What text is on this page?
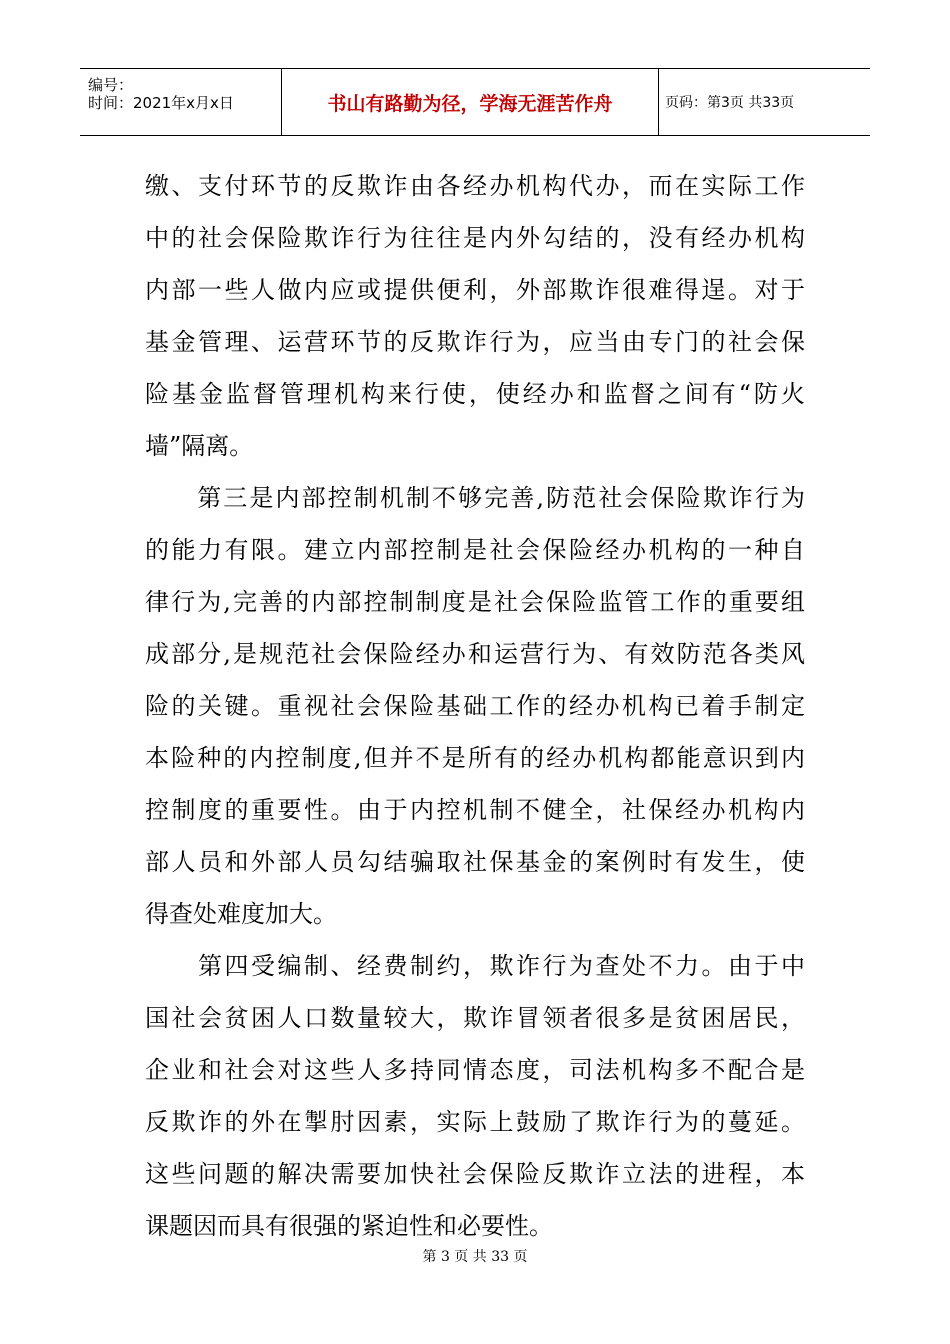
编号：
时间：2021年x月x日	书山有路勤为径，学海无涯苦作舟	页码：第3页 共33页
缴 、 支 付 环 节 的 反 欺 诈 由 各 经 办 机 构 代 办 ， 而 在 实 际 工 作
中 的 社 会 保 险 欺 诈 行 为 往 往 是 内 外 勾 结 的 ， 没 有 经 办 机 构
内 部 一 些 人 做 内 应 或 提 供 便 利 ， 外 部 欺 诈 很 难 得 逞 。 对 于
基 金 管 理 、 运 营 环 节 的 反 欺 诈 行 为 ， 应 当 由 专 门 的 社 会 保
险 基 金 监 督 管 理 机 构 来 行 使 ， 使 经 办 和 监 督 之 间 有 “ 防 火
墙”隔离。

第 三 是 内 部 控 制 机 制 不 够 完 善 , 防 范 社 会 保 险 欺 诈 行 为
的 能 力 有 限 。 建 立 内 部 控 制 是 社 会 保 险 经 办 机 构 的 一 种 自
律 行 为 , 完 善 的 内 部 控 制 制 度 是 社 会 保 险 监 管 工 作 的 重 要 组
成 部 分 , 是 规 范 社 会 保 险 经 办 和 运 营 行 为 、 有 效 防 范 各 类 风
险 的 关 键 。 重 视 社 会 保 险 基 础 工 作 的 经 办 机 构 已 着 手 制 定
本 险 种 的 内 控 制 度 , 但 并 不 是 所 有 的 经 办 机 构 都 能 意 识 到 内
控 制 度 的 重 要 性 。 由 于 内 控 机 制 不 健 全 ， 社 保 经 办 机 构 内
部 人 员 和 外 部 人 员 勾 结 骗 取 社 保 基 金 的 案 例 时 有 发 生 ， 使
得查处难度加大。

第 四 受 编 制 、 经 费 制 约 ， 欺 诈 行 为 查 处 不 力 。 由 于 中
国 社 会 贫 困 人 口 数 量 较 大 ， 欺 诈 冒 领 者 很 多 是 贫 困 居 民 ，
企 业 和 社 会 对 这 些 人 多 持 同 情 态 度 ， 司 法 机 构 多 不 配 合 是
反 欺 诈 的 外 在 掣 肘 因 素 ， 实 际 上 鼓 励 了 欺 诈 行 为 的 蔓 延 。
这 些 问 题 的 解 决 需 要 加 快 社 会 保 险 反 欺 诈 立 法 的 进 程 ， 本
课题因而具有很强的紧迫性和必要性。
第 3 页 共 33 页
